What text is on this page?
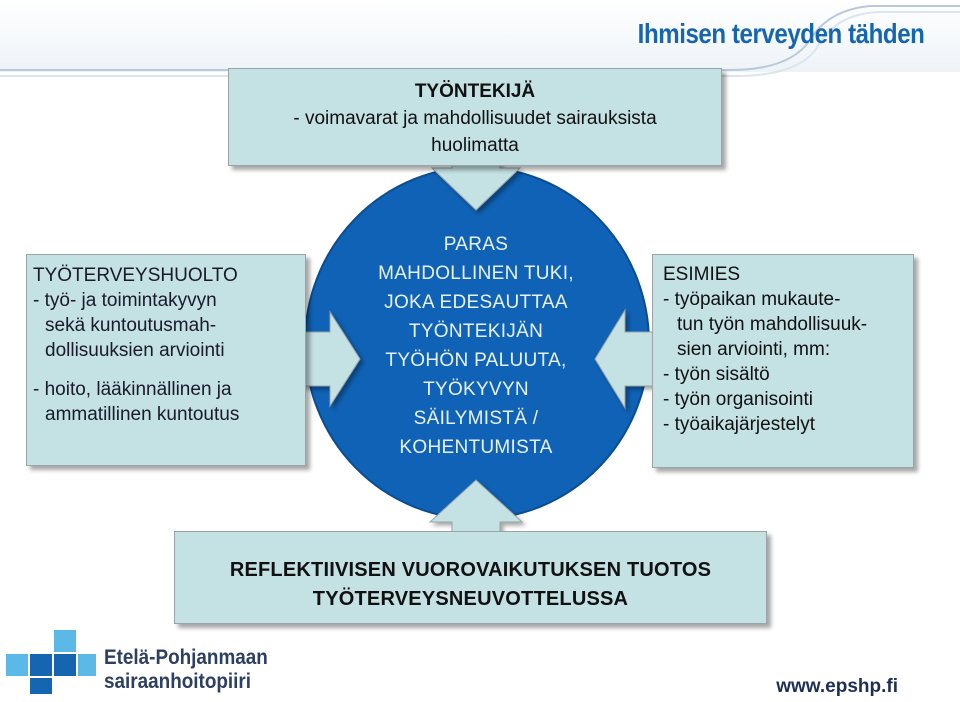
Ihmisen terveyden tähden
TYÖNTEKIJÄ
- voimavarat ja mahdollisuudet sairauksista
huolimatta
TYÖTERVEYSHUOLTO
- työ- ja toimintakyvyn
sekä kuntoutusmah-
dollisuuksien arviointi
- hoito, lääkinnällinen ja
ammatillinen kuntoutus
PARAS
MAHDOLLINEN TUKI,
JOKA EDESAUTTAA
TYÖNTEKIJÄN
TYÖHÖN PALUUTA,
TYÖKYVYN
SÄILYMISTÄ /
KOHENTUMISTA
ESIMIES
- työpaikan mukaute-
tun työn mahdollisuuk-
sien arviointi, mm:
- työn sisältö
- työn organisointi
- työaikajärjestelyt
REFLEKTIIVISEN VUOROVAIKUTUKSEN TUOTOS
TYÖTERVEYSNEUVOTTELUSSA
Etelä-Pohjanmaan
sairaanhoitopiiri	www.epshp.fi
